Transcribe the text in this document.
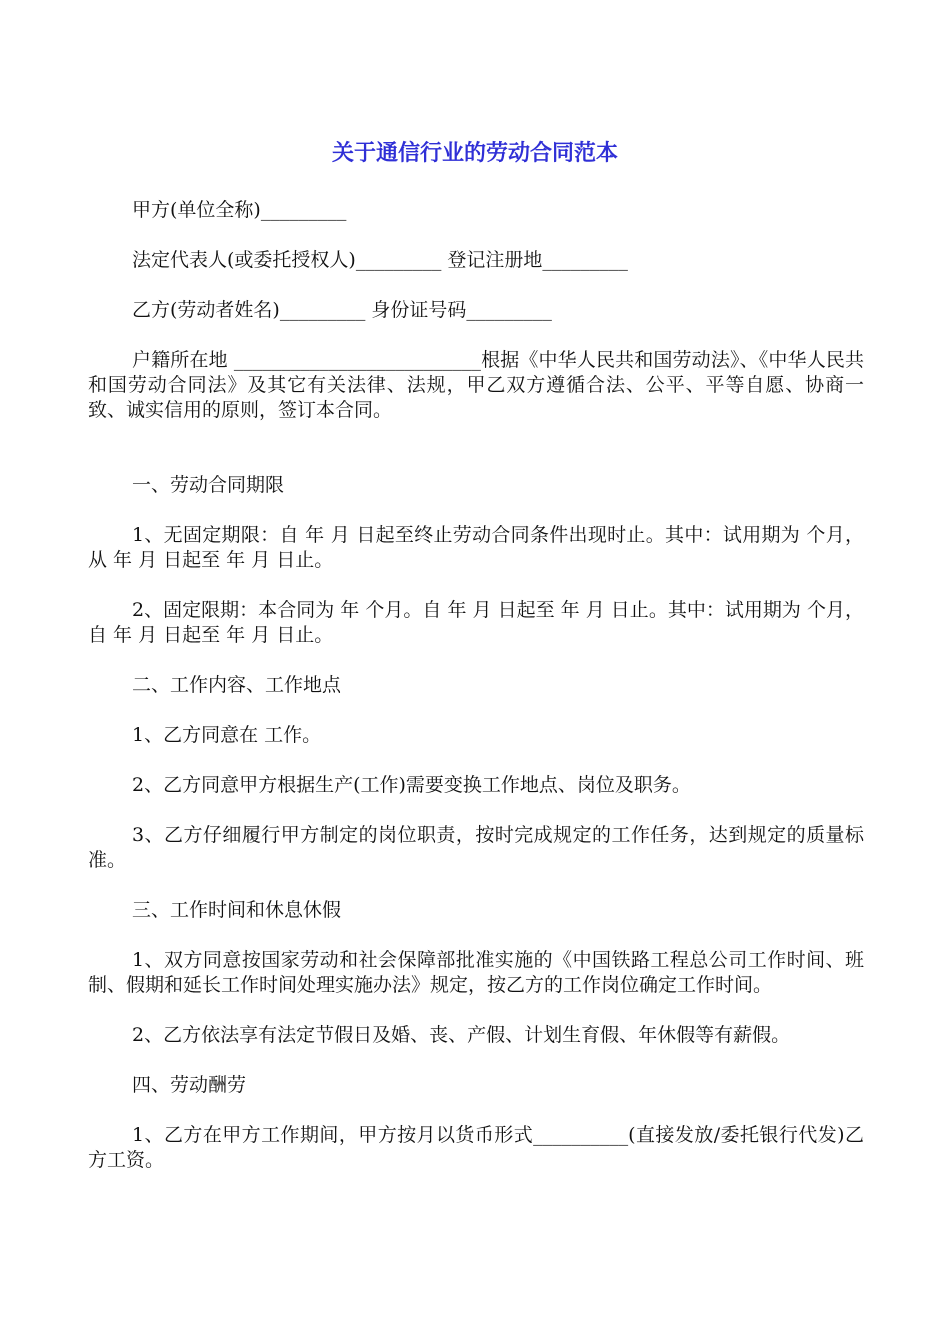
关于通信行业的劳动合同范本

甲方(单位全称)_________

法定代表人(或委托授权人)_________ 登记注册地_________

乙方(劳动者姓名)_________ 身份证号码_________

户籍所在地 __________________________根据《中华人民共和国劳动法》、《中华人民共和国劳动合同法》及其它有关法律、法规，甲乙双方遵循合法、公平、平等自愿、协商一致、诚实信用的原则，签订本合同。

一、劳动合同期限

1、无固定期限：自 年 月 日起至终止劳动合同条件出现时止。其中：试用期为 个月，从 年 月 日起至 年 月 日止。

2、固定限期：本合同为 年 个月。自 年 月 日起至 年 月 日止。其中：试用期为 个月，自 年 月 日起至 年 月 日止。

二、工作内容、工作地点

1、乙方同意在 工作。

2、乙方同意甲方根据生产(工作)需要变换工作地点、岗位及职务。

3、乙方仔细履行甲方制定的岗位职责，按时完成规定的工作任务，达到规定的质量标准。

三、工作时间和休息休假

1、双方同意按国家劳动和社会保障部批准实施的《中国铁路工程总公司工作时间、班制、假期和延长工作时间处理实施办法》规定，按乙方的工作岗位确定工作时间。

2、乙方依法享有法定节假日及婚、丧、产假、计划生育假、年休假等有薪假。

四、劳动酬劳

1、乙方在甲方工作期间，甲方按月以货币形式__________(直接发放/委托银行代发)乙方工资。
